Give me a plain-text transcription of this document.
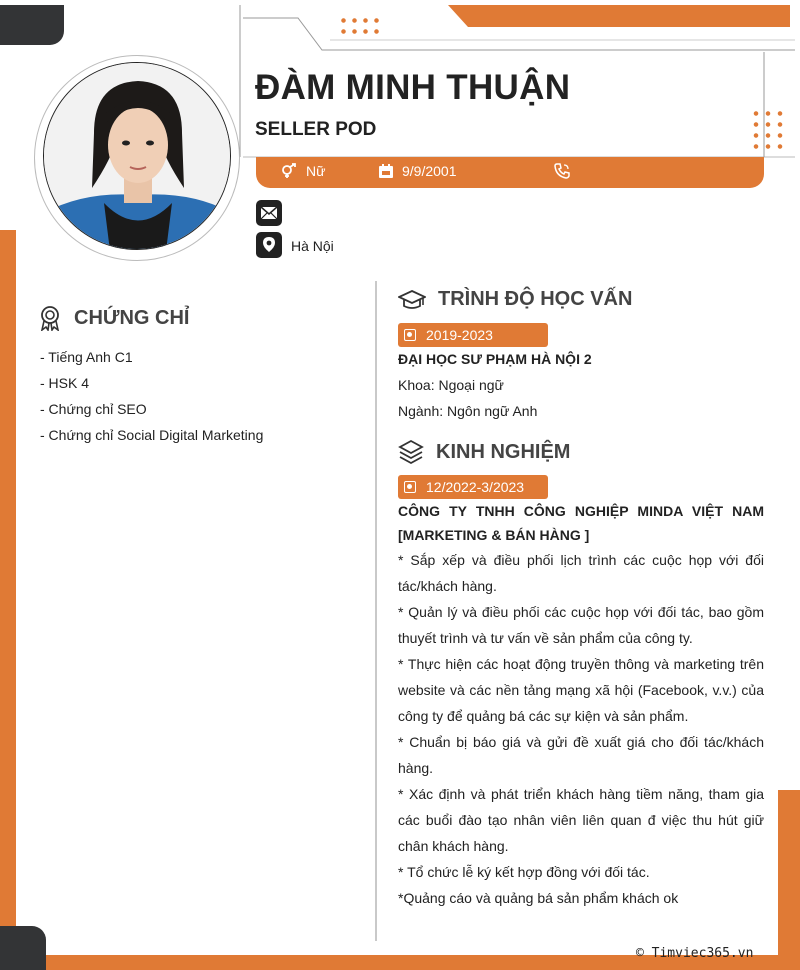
ĐÀM MINH THUẬN
SELLER POD
Nữ	9/9/2001
Hà Nội
CHỨNG CHỈ
- Tiếng Anh C1
- HSK 4
- Chứng chỉ SEO
- Chứng chỉ Social Digital Marketing
TRÌNH ĐỘ HỌC VẤN
2019-2023
ĐẠI HỌC SƯ PHẠM HÀ NỘI 2
Khoa: Ngoại ngữ
Ngành: Ngôn ngữ Anh
KINH NGHIỆM
12/2022-3/2023

CÔNG TY TNHH CÔNG NGHIỆP MINDA VIỆT NAM [MARKETING & BÁN HÀNG ]

* Sắp xếp và điều phối lịch trình các cuộc họp với đối tác/khách hàng.
* Quản lý và điều phối các cuộc họp với đối tác, bao gồm thuyết trình và tư vấn về sản phẩm của công ty.
* Thực hiện các hoạt động truyền thông và marketing trên website và các nền tảng mạng xã hội (Facebook, v.v.) của công ty để quảng bá các sự kiện và sản phẩm.
* Chuẩn bị báo giá và gửi đề xuất giá cho đối tác/khách hàng.
* Xác định và phát triển khách hàng tiềm năng, tham gia các buổi đào tạo nhân viên liên quan đ việc thu hút giữ chân khách hàng.
* Tổ chức lễ ký kết hợp đồng với đối tác.
*Quảng cáo và quảng bá sản phẩm khách ok
© Timviec365.vn
